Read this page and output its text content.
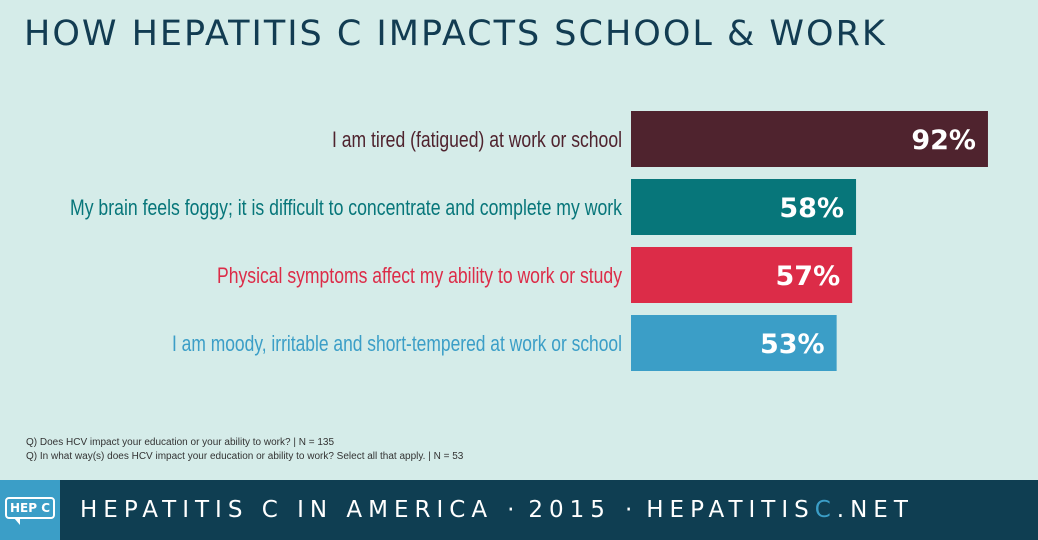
HOW HEPATITIS C IMPACTS SCHOOL & WORK
I am tired (fatigued) at work or school	92%
My brain feels foggy; it is difficult to concentrate and complete my work	58%
Physical symptoms affect my ability to work or study	57%
I am moody, irritable and short-tempered at work or school	53%
Q) Does HCV impact your education or your ability to work? | N = 135
Q) In what way(s) does HCV impact your education or ability to work? Select all that apply. | N = 53
HEP C HEPATITIS C IN AMERICA · 2015 · HEPATITISC.NET
